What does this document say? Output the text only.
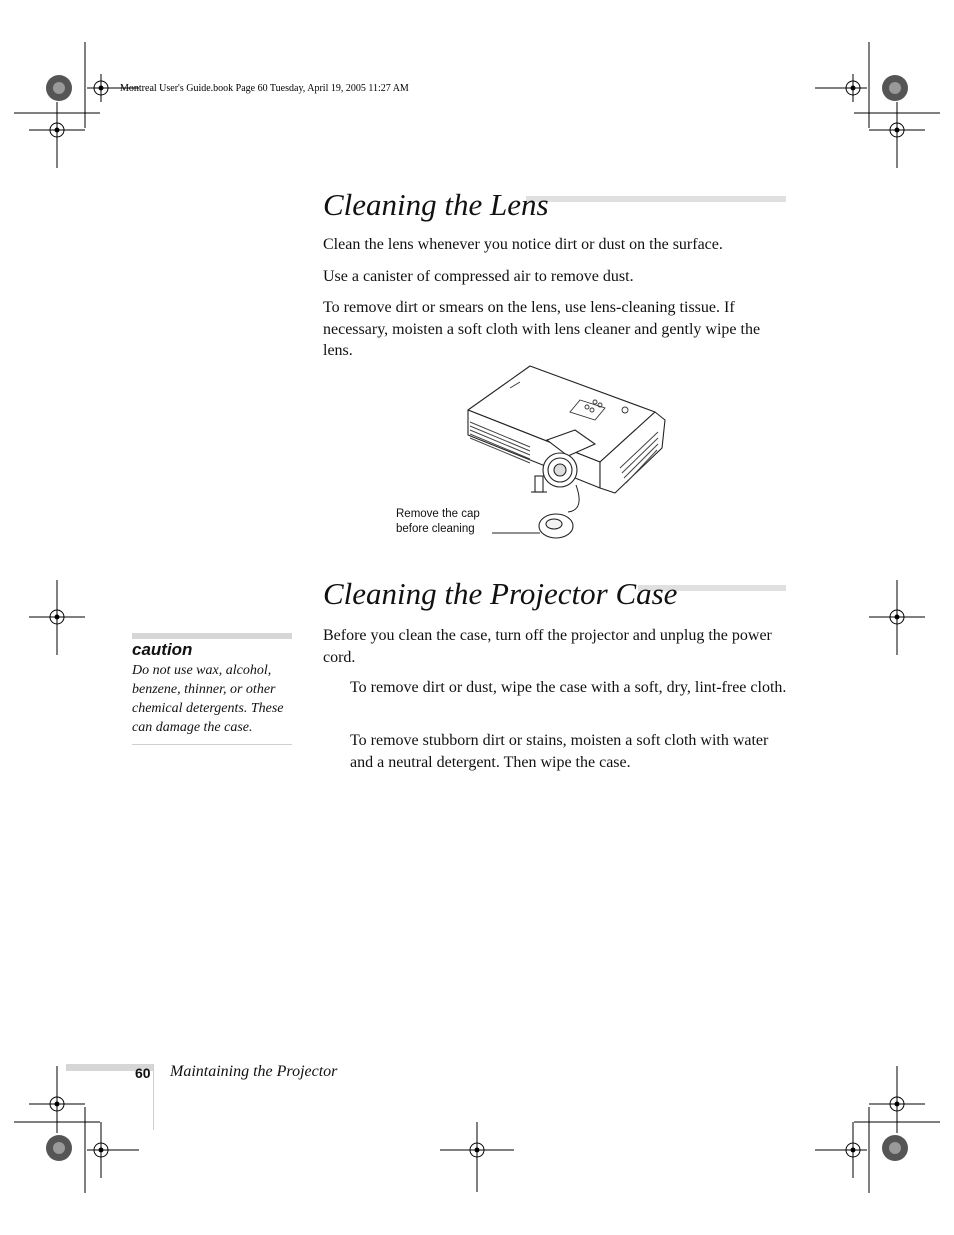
Montreal User's Guide.book Page 60 Tuesday, April 19, 2005 11:27 AM
Cleaning the Lens

Clean the lens whenever you notice dirt or dust on the surface.

Use a canister of compressed air to remove dust.

To remove dirt or smears on the lens, use lens-cleaning tissue. If necessary, moisten a soft cloth with lens cleaner and gently wipe the lens.

Remove the cap
before cleaning
Cleaning the Projector Case

Before you clean the case, turn off the projector and unplug the power cord.

To remove dirt or dust, wipe the case with a soft, dry, lint-free cloth.

To remove stubborn dirt or stains, moisten a soft cloth with water and a neutral detergent. Then wipe the case.

caution
Do not use wax, alcohol, benzene, thinner, or other chemical detergents. These can damage the case.
60 Maintaining the Projector
